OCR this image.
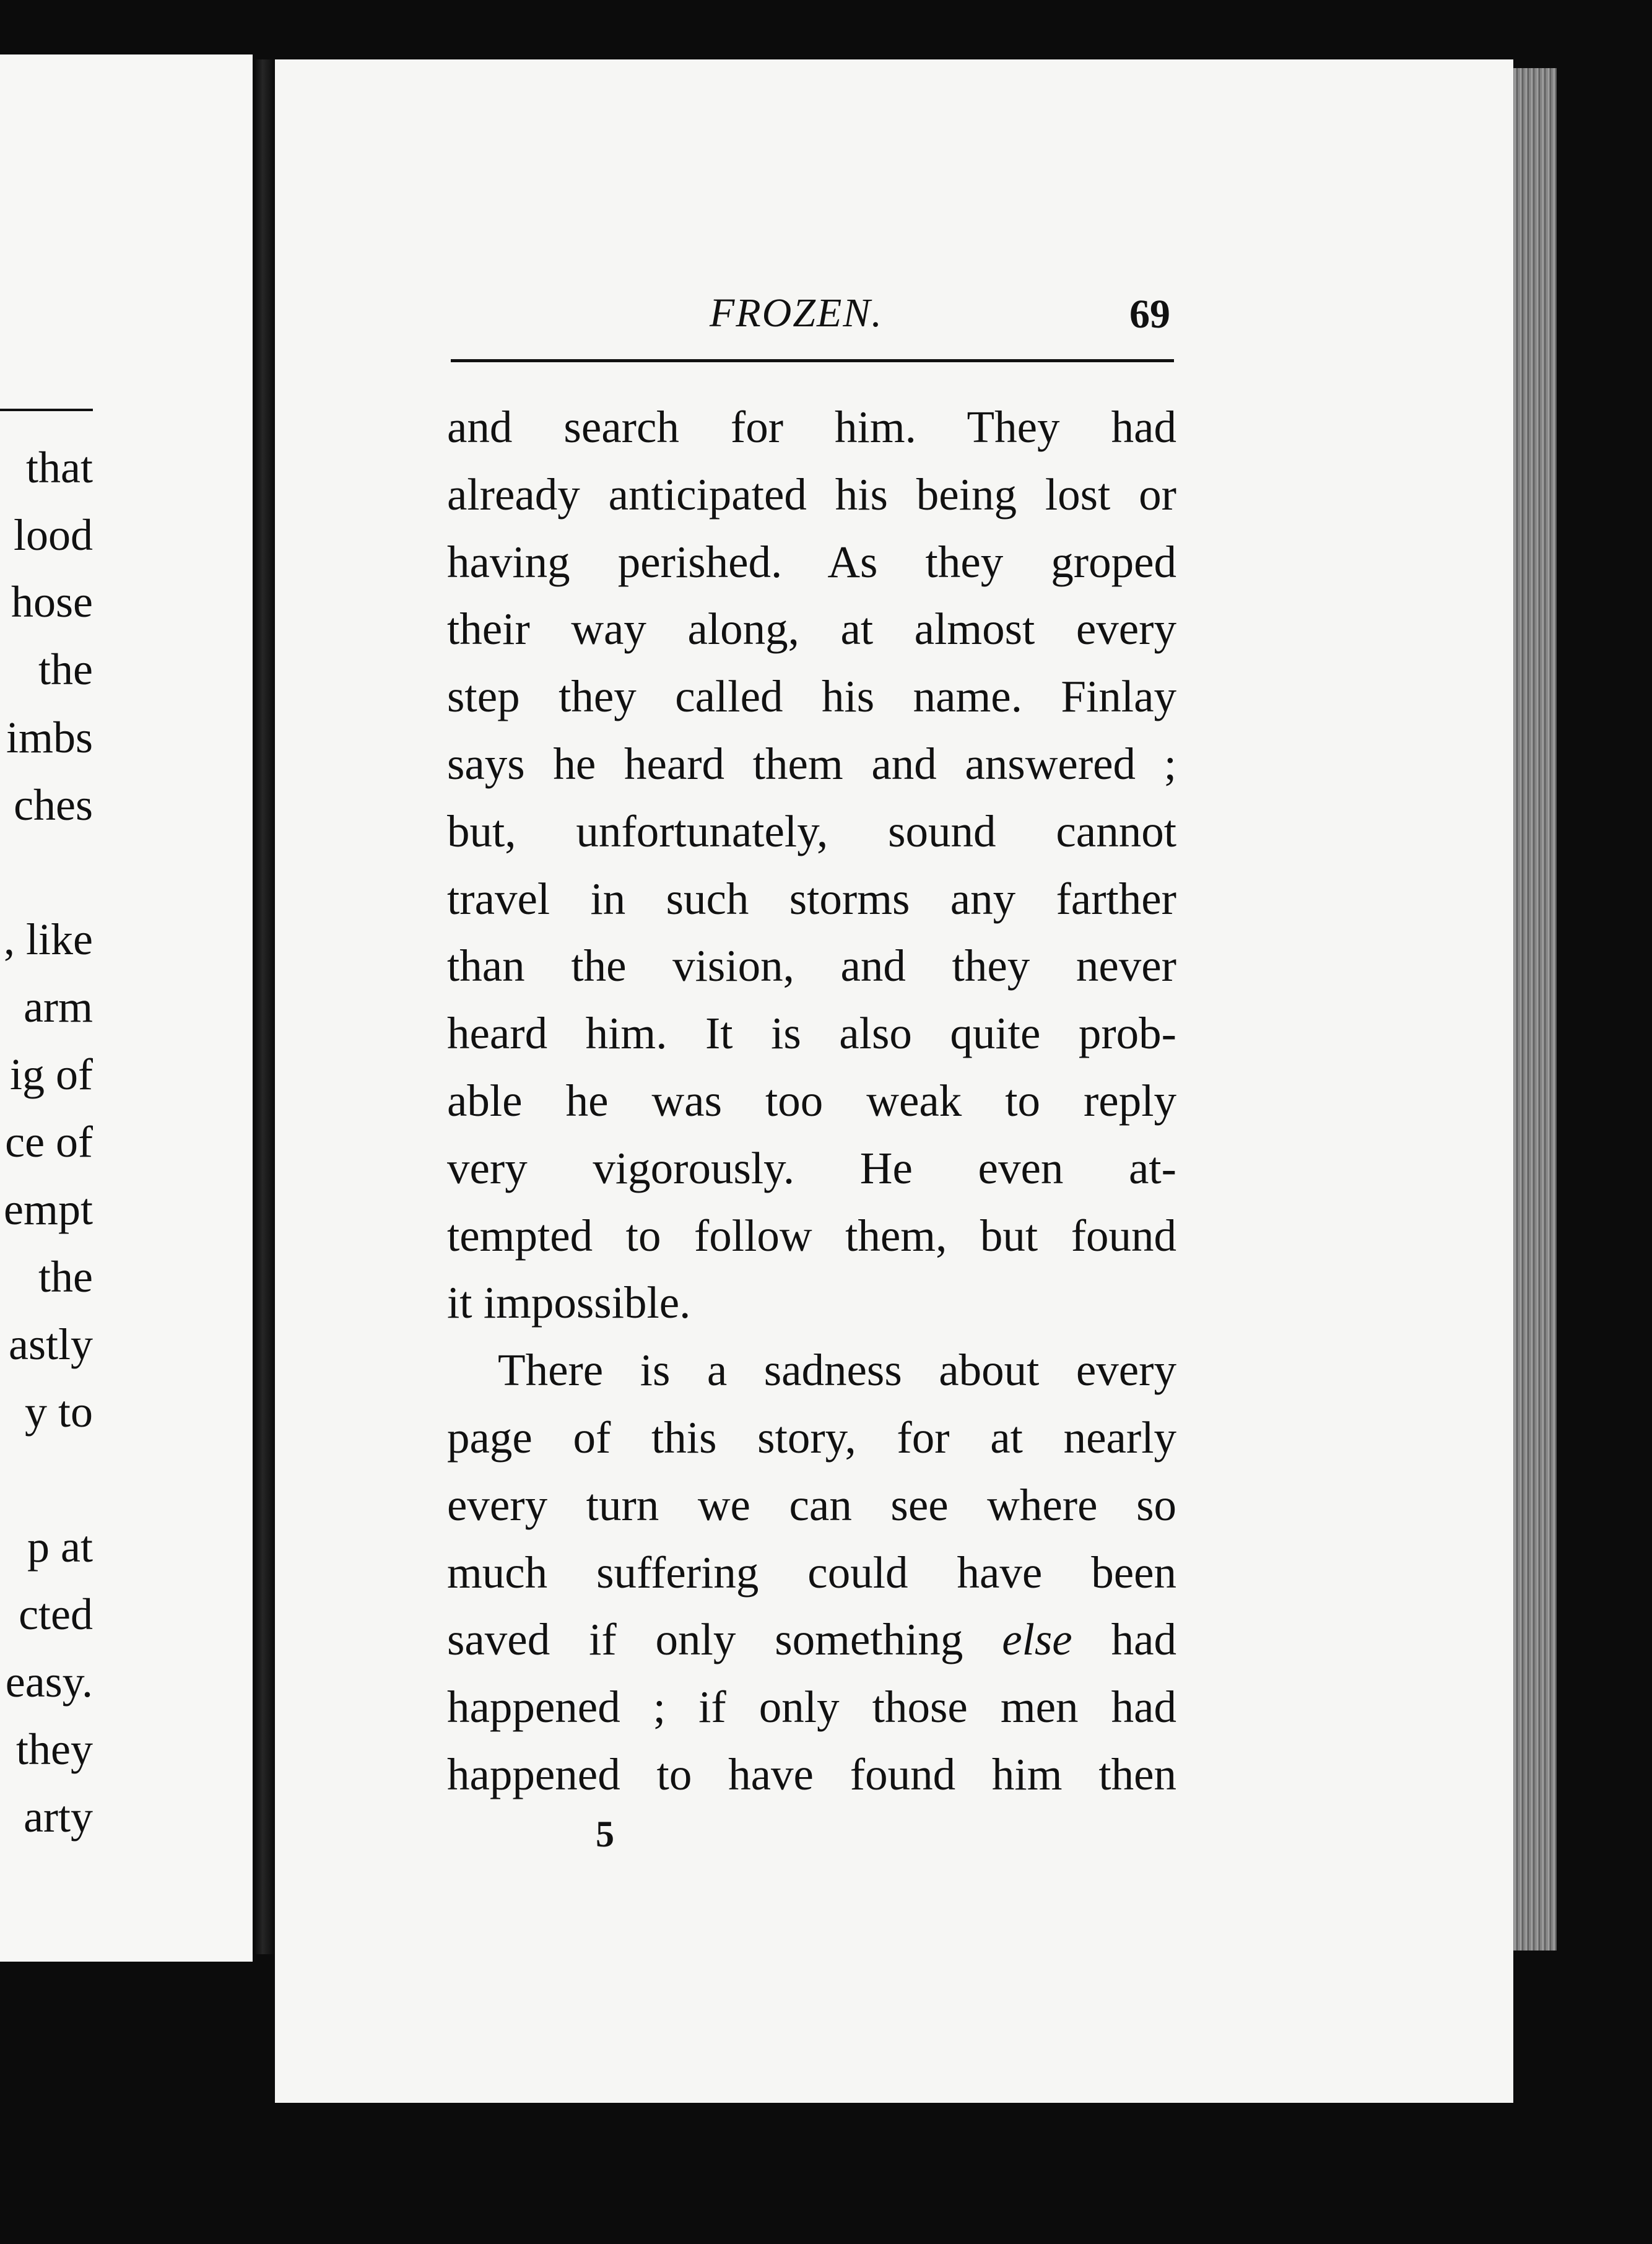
that
lood
hose
the
imbs
ches
, like
arm
ig of
ce of
empt
the
astly
y to
p at
cted
easy.
they
arty
FROZEN.	69
and search for him. They had
already anticipated his being lost or
having perished. As they groped
their way along, at almost every
step they called his name. Finlay
says he heard them and answered ;
but, unfortunately, sound cannot
travel in such storms any farther
than the vision, and they never
heard him. It is also quite prob-
able he was too weak to reply
very vigorously. He even at-
tempted to follow them, but found
it impossible.
There is a sadness about every
page of this story, for at nearly
every turn we can see where so
much suffering could have been
saved if only something else had
happened ; if only those men had
happened to have found him then
5
